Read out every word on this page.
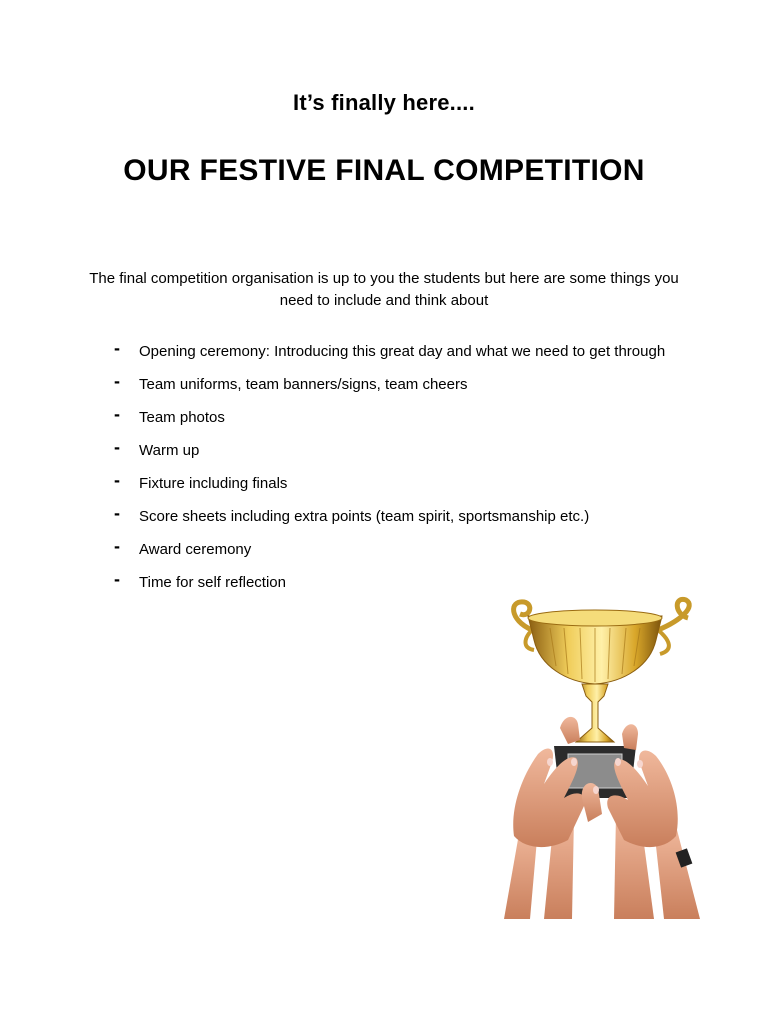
It’s finally here....
OUR FESTIVE FINAL COMPETITION
The final competition organisation is up to you the students but here are some things you need to include and think about
- Opening ceremony: Introducing this great day and what we need to get through
- Team uniforms, team banners/signs, team cheers
- Team photos
- Warm up
- Fixture including finals
- Score sheets including extra points (team spirit, sportsmanship etc.)
- Award ceremony
- Time for self reflection
